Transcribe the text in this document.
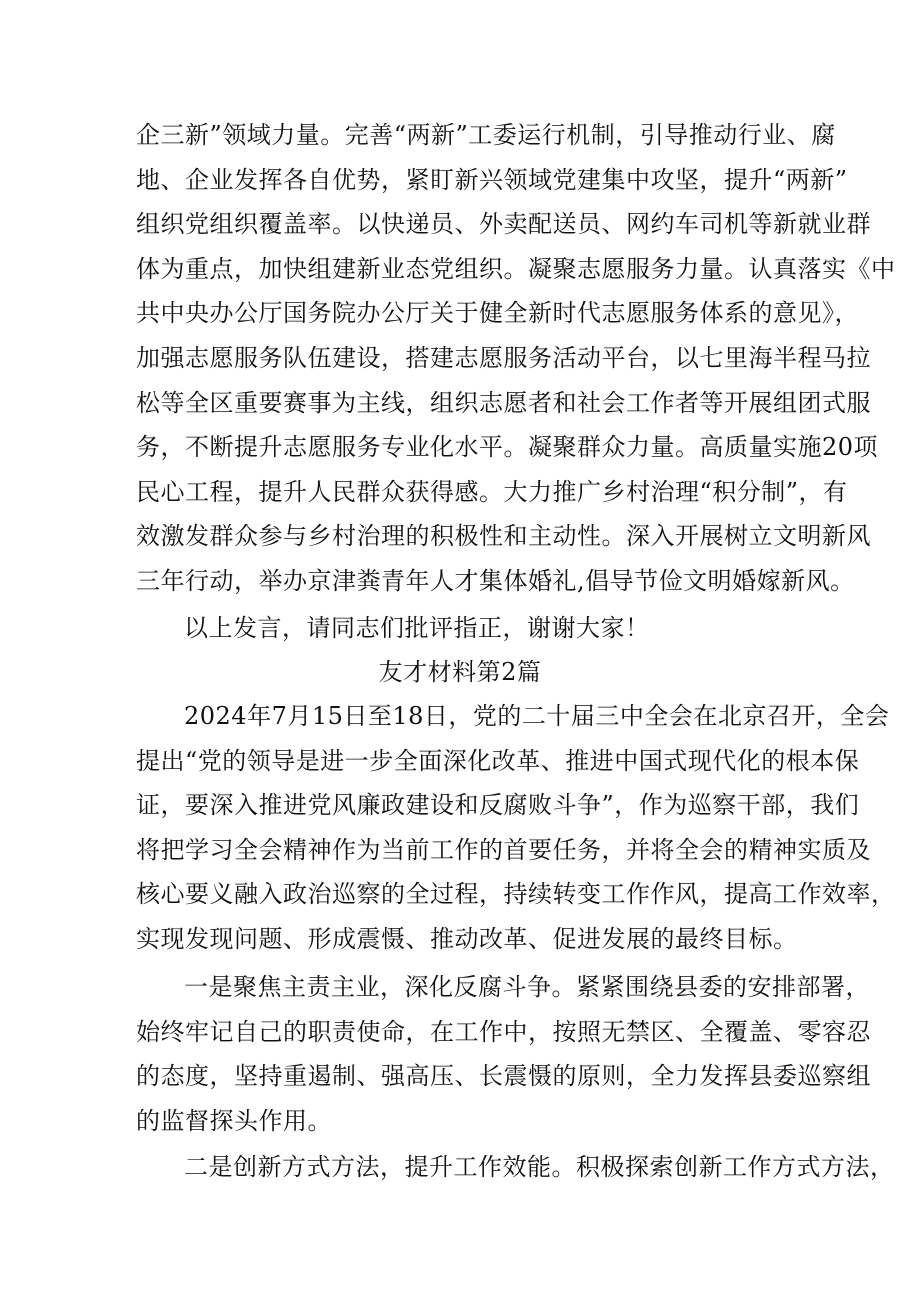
企三新”领域力量。完善“两新”工委运行机制，引导推动行业、腐
地、企业发挥各自优势，紧盯新兴领域党建集中攻坚，提升“两新”
组织党组织覆盖率。以快递员、外卖配送员、网约车司机等新就业群
体为重点，加快组建新业态党组织。凝聚志愿服务力量。认真落实《中
共中央办公厅国务院办公厅关于健全新时代志愿服务体系的意见》，
加强志愿服务队伍建设，搭建志愿服务活动平台，以七里海半程马拉
松等全区重要赛事为主线，组织志愿者和社会工作者等开展组团式服
务，不断提升志愿服务专业化水平。凝聚群众力量。高质量实施20项
民心工程，提升人民群众获得感。大力推广乡村治理“积分制”，有
效激发群众参与乡村治理的积极性和主动性。深入开展树立文明新风
三年行动，举办京津粪青年人才集体婚礼,倡导节俭文明婚嫁新风。

以上发言，请同志们批评指正，谢谢大家！

友才材料第2篇

2024年7月15日至18日，党的二十届三中全会在北京召开，全会
提出“党的领导是进一步全面深化改革、推进中国式现代化的根本保
证，要深入推进党风廉政建设和反腐败斗争”，作为巡察干部，我们
将把学习全会精神作为当前工作的首要任务，并将全会的精神实质及
核心要义融入政治巡察的全过程，持续转变工作作风，提高工作效率，
实现发现问题、形成震慑、推动改革、促进发展的最终目标。

一是聚焦主责主业，深化反腐斗争。紧紧围绕县委的安排部署，
始终牢记自己的职责使命，在工作中，按照无禁区、全覆盖、零容忍
的态度，坚持重遏制、强高压、长震慑的原则，全力发挥县委巡察组
的监督探头作用。

二是创新方式方法，提升工作效能。积极探索创新工作方式方法，
